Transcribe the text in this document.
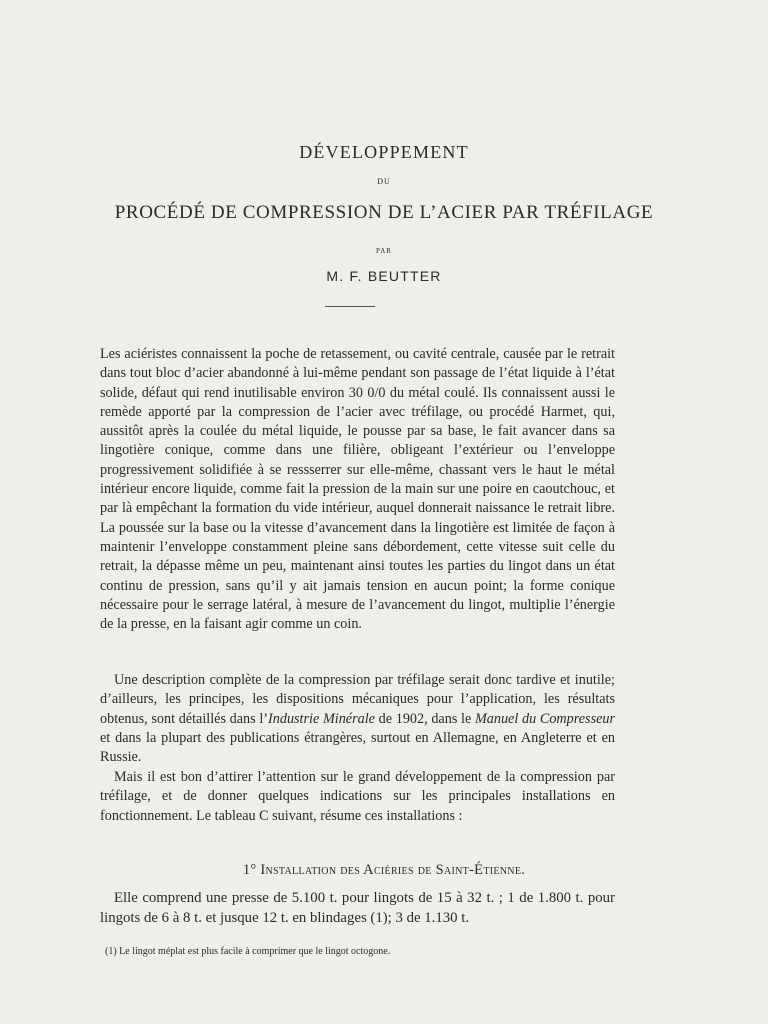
DÉVELOPPEMENT
DU
PROCÉDÉ DE COMPRESSION DE L’ACIER PAR TRÉFILAGE
PAR
M. F. BEUTTER

Les aciéristes connaissent la poche de retassement, ou cavité centrale, causée par le retrait dans tout bloc d’acier abandonné à lui-même pendant son passage de l’état liquide à l’état solide, défaut qui rend inutilisable environ 30 0/0 du métal coulé. Ils connaissent aussi le remède apporté par la compression de l’acier avec tréfilage, ou procédé Harmet, qui, aussitôt après la coulée du métal liquide, le pousse par sa base, le fait avancer dans sa lingotière conique, comme dans une filière, obligeant l’extérieur ou l’enveloppe progressivement solidifiée à se ressserrer sur elle-même, chassant vers le haut le métal intérieur encore liquide, comme fait la pression de la main sur une poire en caoutchouc, et par là empêchant la formation du vide intérieur, auquel donnerait naissance le retrait libre. La poussée sur la base ou la vitesse d’avancement dans la lingotière est limitée de façon à maintenir l’enveloppe constamment pleine sans débordement, cette vitesse suit celle du retrait, la dépasse même un peu, maintenant ainsi toutes les parties du lingot dans un état continu de pression, sans qu’il y ait jamais tension en aucun point; la forme conique nécessaire pour le serrage latéral, à mesure de l’avancement du lingot, multiplie l’énergie de la presse, en la faisant agir comme un coin.

Une description complète de la compression par tréfilage serait donc tardive et inutile; d’ailleurs, les principes, les dispositions mécaniques pour l’application, les résultats obtenus, sont détaillés dans l’Industrie Minérale de 1902, dans le Manuel du Compresseur et dans la plupart des publications étrangères, surtout en Allemagne, en Angleterre et en Russie.

Mais il est bon d’attirer l’attention sur le grand développement de la compression par tréfilage, et de donner quelques indications sur les principales installations en fonctionnement. Le tableau C suivant, résume ces installations :

1° Installation des Aciéries de Saint-Étienne.

Elle comprend une presse de 5.100 t. pour lingots de 15 à 32 t. ; 1 de 1.800 t. pour lingots de 6 à 8 t. et jusque 12 t. en blindages (1); 3 de 1.130 t.

(1) Le lingot méplat est plus facile à comprimer que le lingot octogone.
